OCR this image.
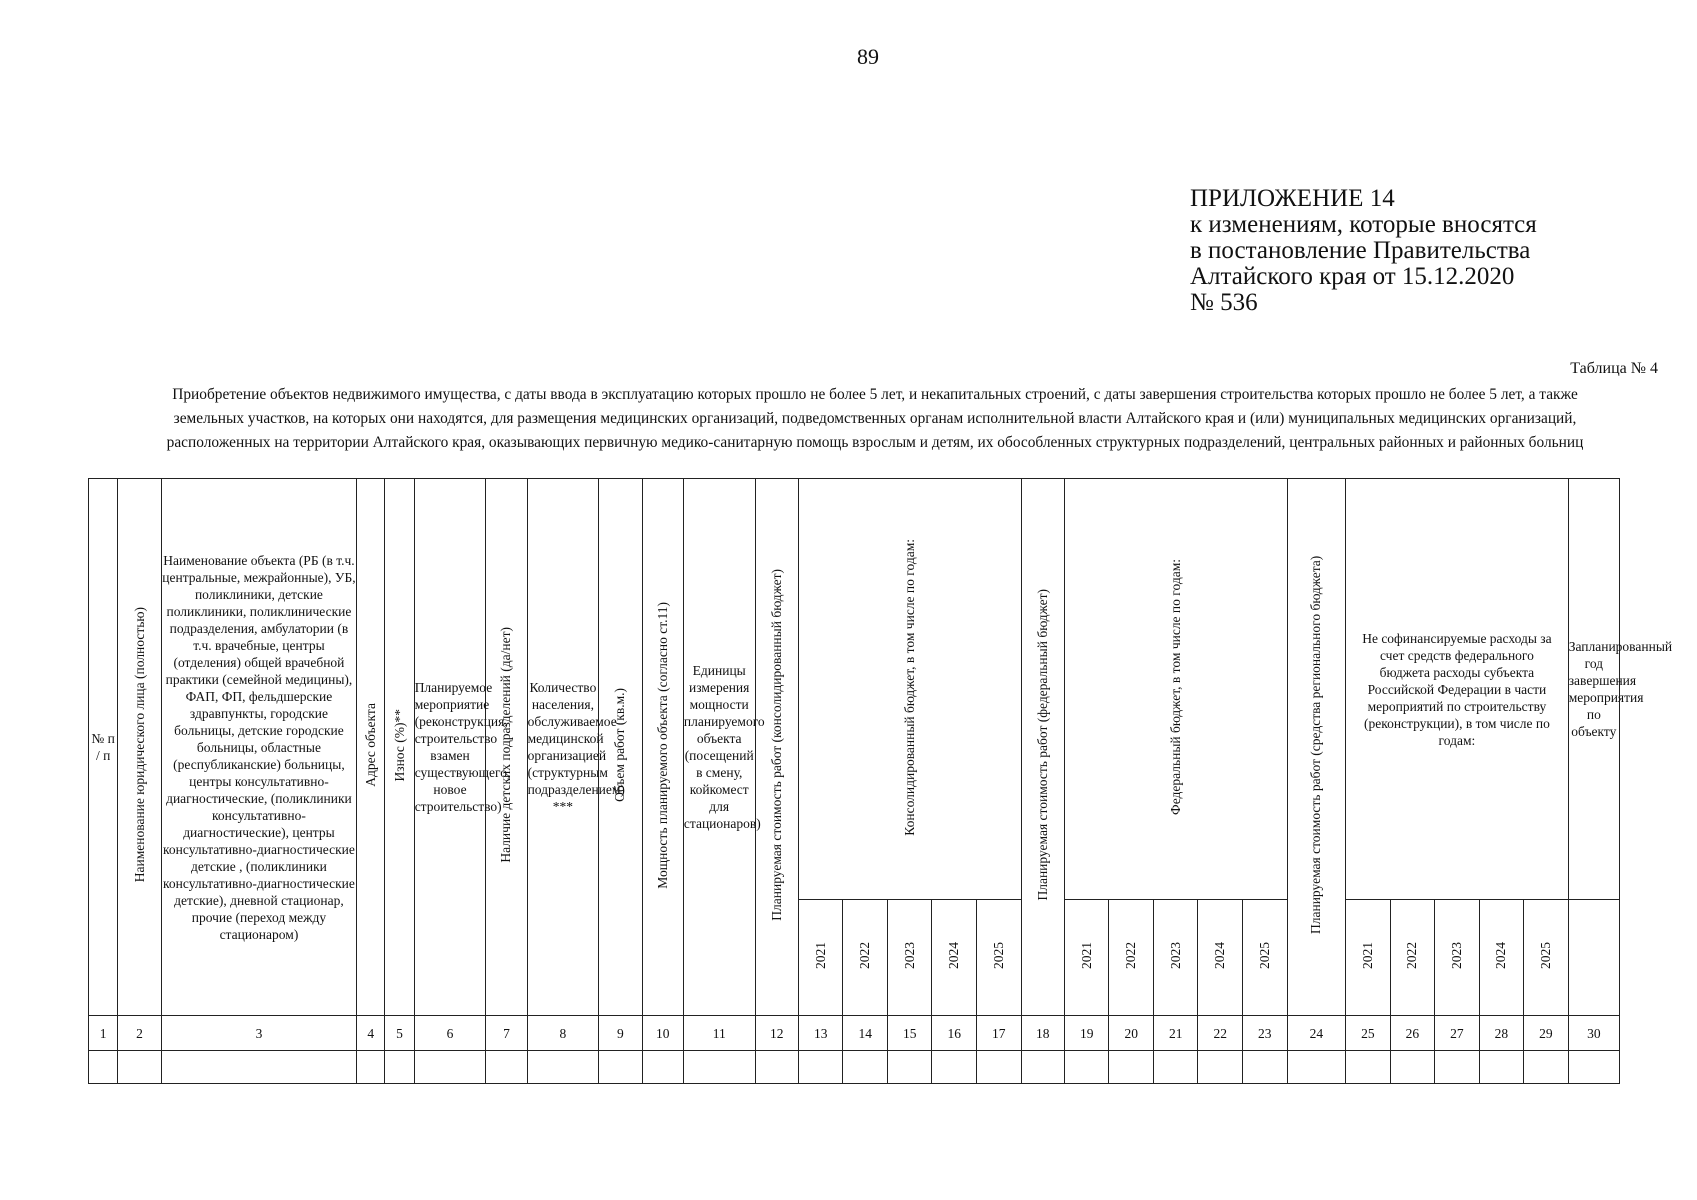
89
ПРИЛОЖЕНИЕ 14
к изменениям, которые вносятся
в постановление Правительства
Алтайского края от 15.12.2020
№ 536
Таблица № 4
Приобретение объектов недвижимого имущества, с даты ввода в эксплуатацию которых прошло не более 5 лет, и некапитальных строений, с даты завершения строительства которых прошло не более 5 лет, а также земельных участков, на которых они находятся, для размещения медицинских организаций, подведомственных органам исполнительной власти Алтайского края и (или) муниципальных медицинских организаций, расположенных на территории Алтайского края, оказывающих первичную медико-санитарную помощь взрослым и детям, их обособленных структурных подразделений, центральных районных и районных больниц
№ п / п	Наименование юридического лица (полностью)	Наименование объекта (РБ (в т.ч. центральные, межрайонные), УБ, поликлиники, детские поликлиники, поликлинические подразделения, амбулатории (в т.ч. врачебные, центры (отделения) общей врачебной практики (семейной медицины), ФАП, ФП, фельдшерские здравпункты, городские больницы, детские городские больницы, областные (республиканские) больницы, центры консультативно-диагностические, (поликлиники консультативно-диагностические), центры консультативно-диагностические детские , (поликлиники консультативно-диагностические детские), дневной стационар, прочие (переход между стационаром)	Адрес объекта	Износ (%)**	Планируемое мероприятие (реконструкция, строительство взамен существующего, новое строительство)	Наличие детских подразделений (да/нет)	Количество населения, обслуживаемое медицинской организацией (структурным подразделением) ***	Объем работ (кв.м.)	Мощность планируемого объекта (согласно ст.11)	Единицы измерения мощности планируемого объекта (посещений в смену, койкомест для стационаров)	Планируемая стоимость работ (консолидированный бюджет)	Консолидированный бюджет, в том числе по годам:					Планируемая стоимость работ (федеральный бюджет)	Федеральный бюджет, в том числе по годам:					Планируемая стоимость работ (средства регионального бюджета)	Не софинансируемые расходы за счет средств федерального бюджета расходы субъекта Российской Федерации в части мероприятий по строительству (реконструкции), в том числе по годам:					Запланированный год завершения мероприятия по объекту
												2021	2022	2023	2024	2025		2021	2022	2023	2024	2025		2021	2022	2023	2024	2025	
1	2	3	4	5	6	7	8	9	10	11	12	13	14	15	16	17	18	19	20	21	22	23	24	25	26	27	28	29	30
